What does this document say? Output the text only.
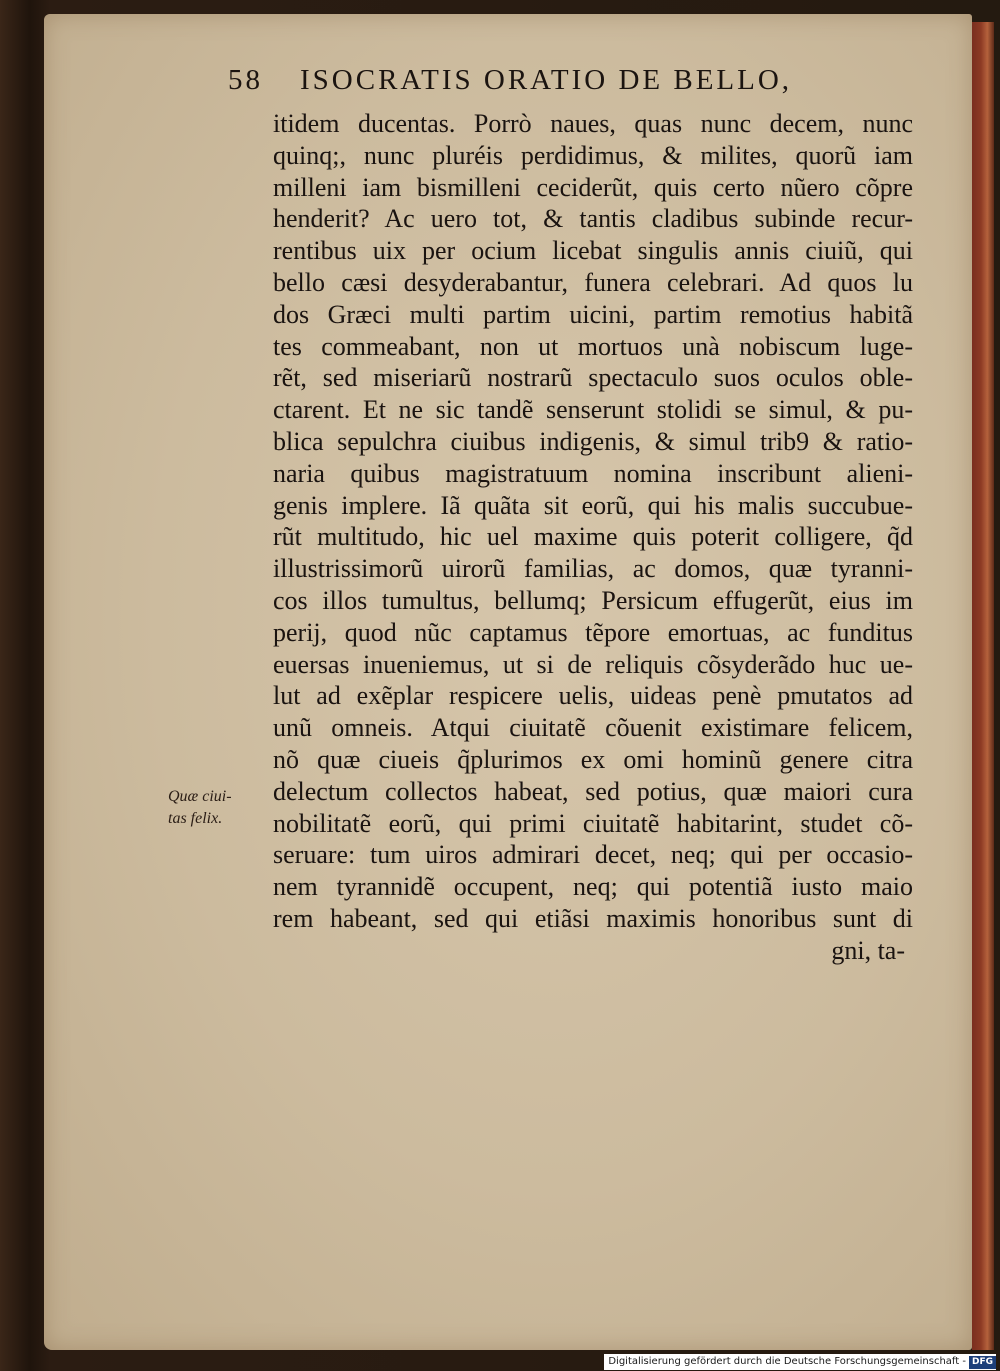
58 ISOCRATIS ORATIO DE BELLO,
Quæ ciui-
tas felix.
itidem ducentas. Porrò naues, quas nunc decem, nunc
quinq;, nunc pluréis perdidimus, & milites, quorũ iam
milleni iam bismilleni ceciderũt, quis certo nũero cõpre
henderit? Ac uero tot, & tantis cladibus subinde recur-
rentibus uix per ocium licebat singulis annis ciuiũ, qui
bello cæsi desyderabantur, funera celebrari. Ad quos lu
dos Græci multi partim uicini, partim remotius habitã
tes commeabant, non ut mortuos unà nobiscum luge-
rẽt, sed miseriarũ nostrarũ spectaculo suos oculos oble-
ctarent. Et ne sic tandẽ senserunt stolidi se simul, & pu-
blica sepulchra ciuibus indigenis, & simul trib9 & ratio-
naria quibus magistratuum nomina inscribunt alieni-
genis implere. Iã quãta sit eorũ, qui his malis succubue-
rũt multitudo, hic uel maxime quis poterit colligere, q̃d
illustrissimorũ uirorũ familias, ac domos, quæ tyranni-
cos illos tumultus, bellumq; Persicum effugerũt, eius im
perij, quod nũc captamus tẽpore emortuas, ac funditus
euersas inueniemus, ut si de reliquis cõsyderãdo huc ue-
lut ad exẽplar respicere uelis, uideas penè pmutatos ad
unũ omneis. Atqui ciuitatẽ cõuenit existimare felicem,
nõ quæ ciueis q̃plurimos ex omi hominũ genere citra
delectum collectos habeat, sed potius, quæ maiori cura
nobilitatẽ eorũ, qui primi ciuitatẽ habitarint, studet cõ-
seruare: tum uiros admirari decet, neq; qui per occasio-
nem tyrannidẽ occupent, neq; qui potentiã iusto maio
rem habeant, sed qui etiãsi maximis honoribus sunt di
gni, ta-
Digitalisierung gefördert durch die Deutsche Forschungsgemeinschaft - DFG
